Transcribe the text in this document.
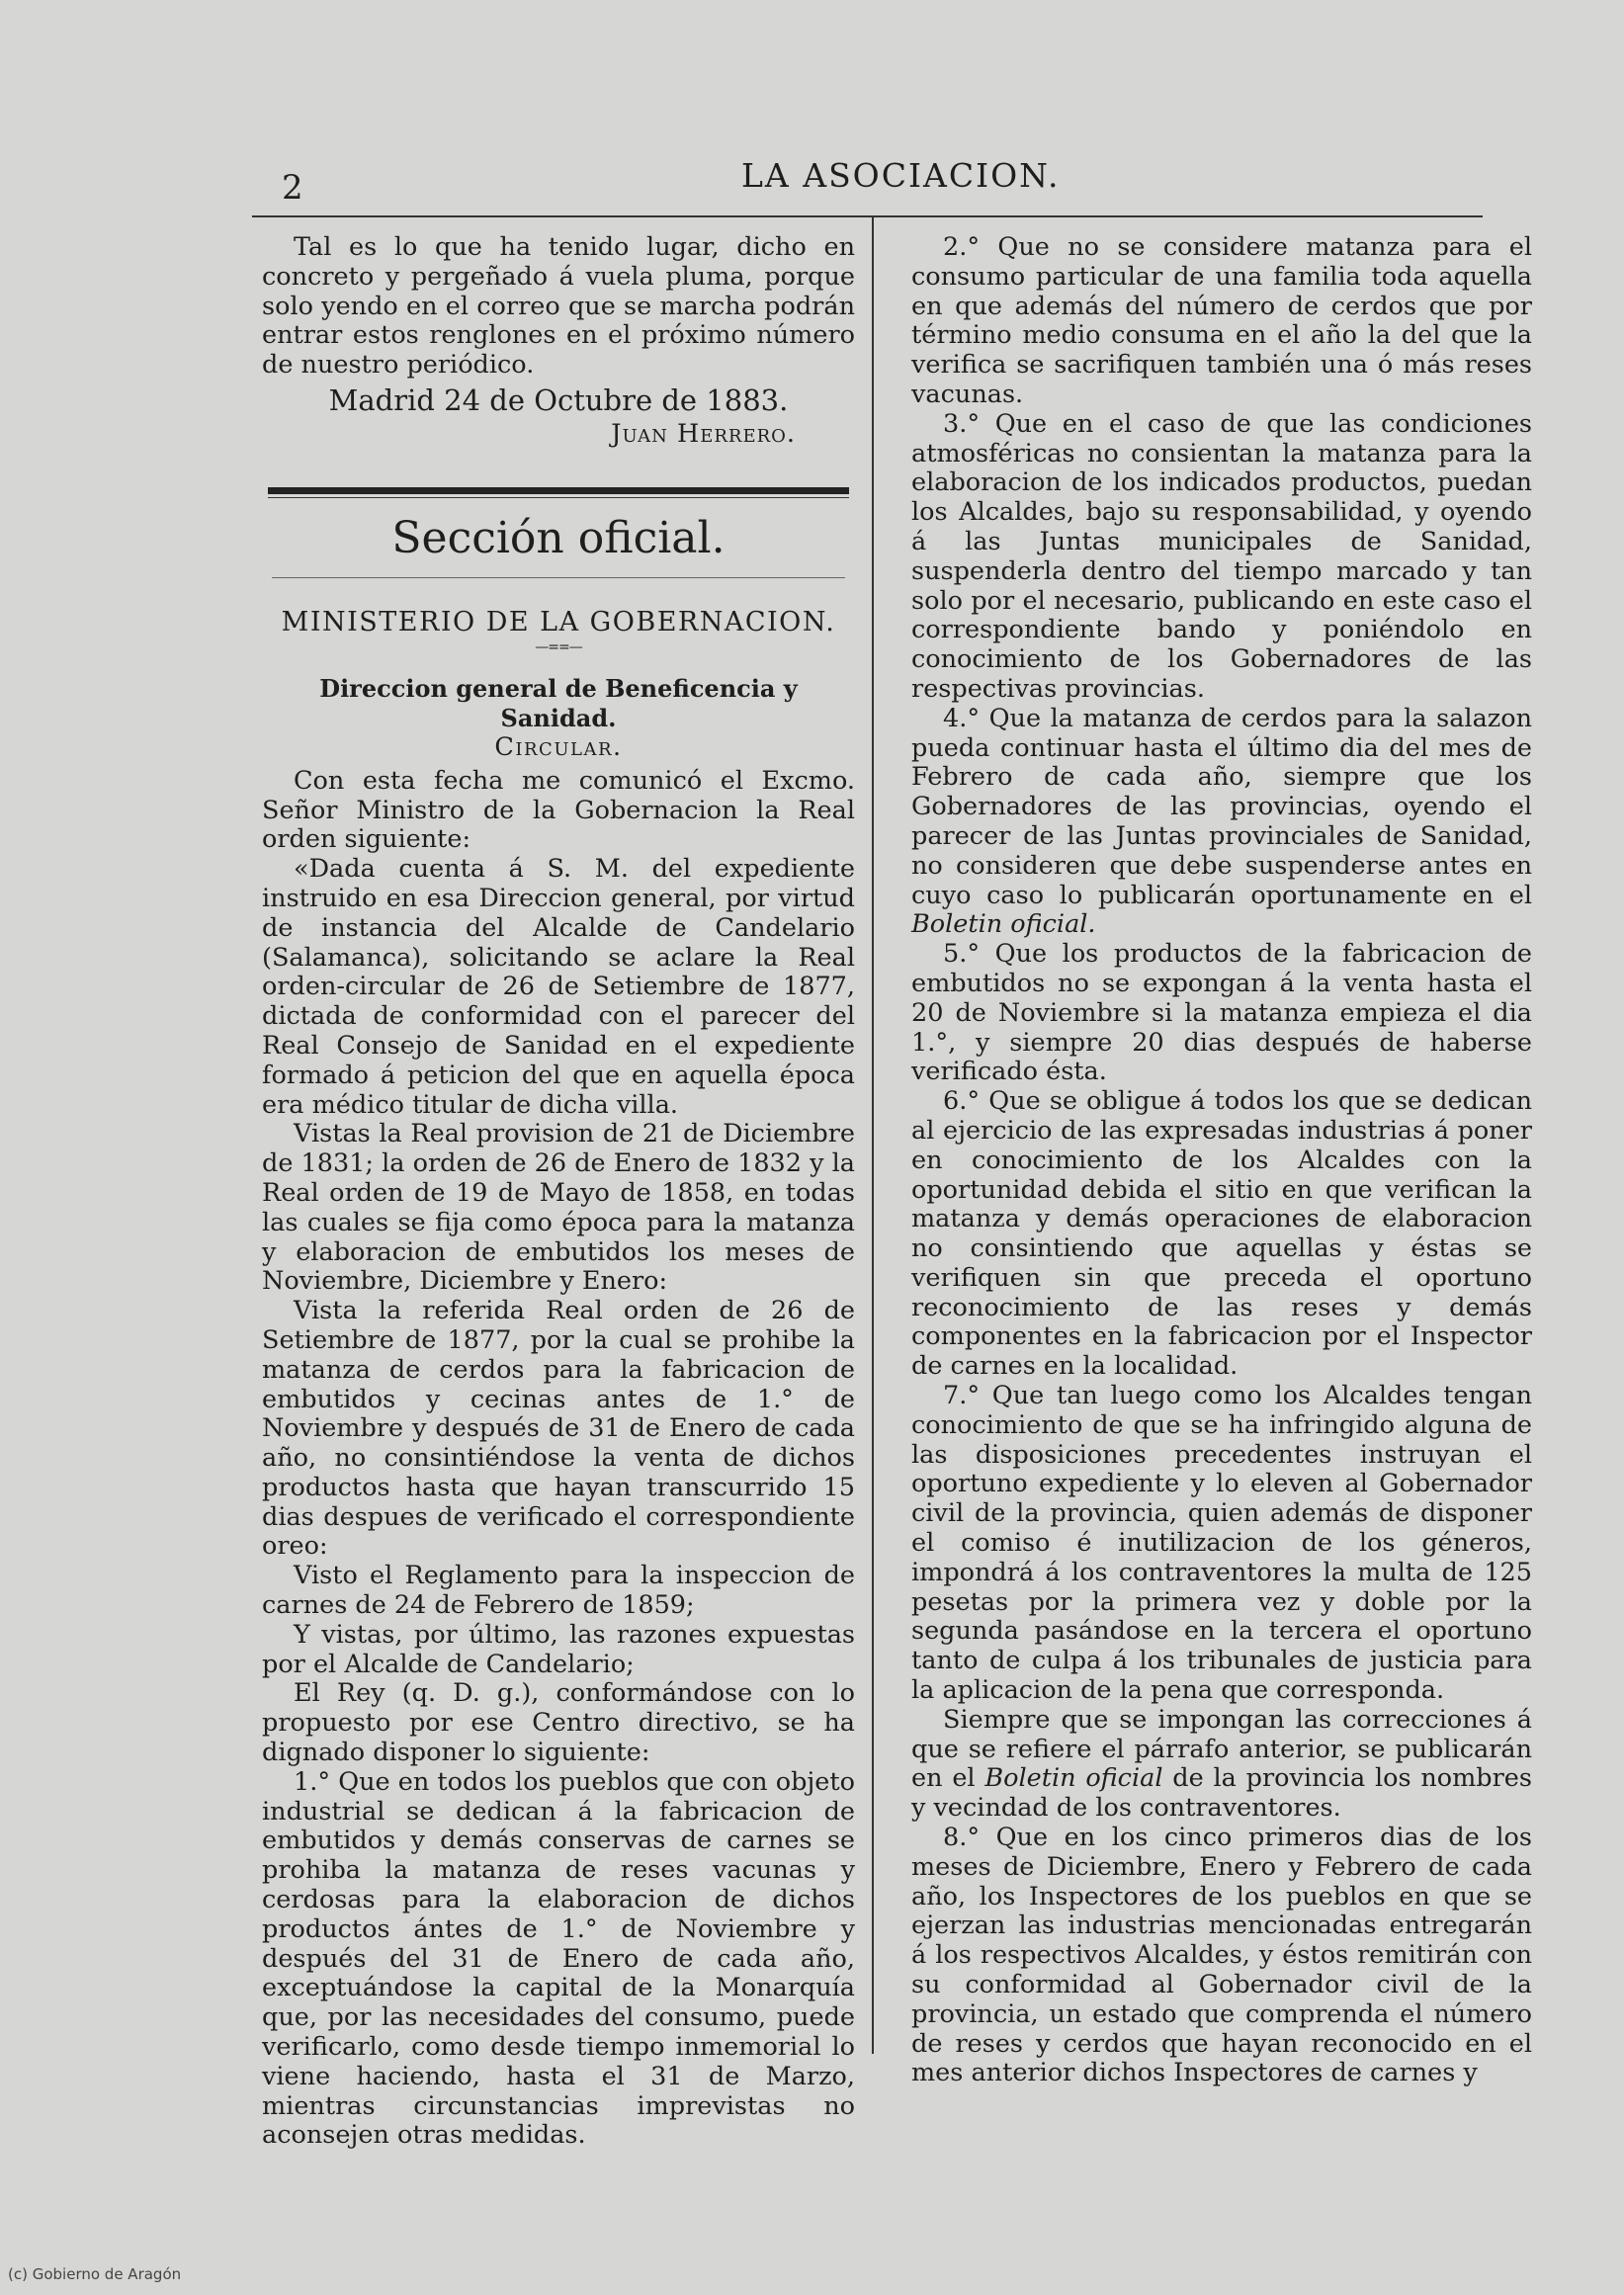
2	LA ASOCIACION.

Tal es lo que ha tenido lugar, dicho en concreto y pergeñado á vuela pluma, porque solo yendo en el correo que se marcha podrán entrar estos renglones en el próximo número de nuestro periódico.

Madrid 24 de Octubre de 1883.

Juan Herrero.

Sección oficial.

MINISTERIO DE LA GOBERNACION.

—==—

Direccion general de Beneficencia y Sanidad.

Circular.

Con esta fecha me comunicó el Excmo. Señor Ministro de la Gobernacion la Real orden siguiente:

«Dada cuenta á S. M. del expediente instruido en esa Direccion general, por virtud de instancia del Alcalde de Candelario (Salamanca), solicitando se aclare la Real orden-circular de 26 de Setiembre de 1877, dictada de conformidad con el parecer del Real Consejo de Sanidad en el expediente formado á peticion del que en aquella época era médico titular de dicha villa.

Vistas la Real provision de 21 de Diciembre de 1831; la orden de 26 de Enero de 1832 y la Real orden de 19 de Mayo de 1858, en todas las cuales se fija como época para la matanza y elaboracion de embutidos los meses de Noviembre, Diciembre y Enero:

Vista la referida Real orden de 26 de Setiembre de 1877, por la cual se prohibe la matanza de cerdos para la fabricacion de embutidos y cecinas antes de 1.° de Noviembre y después de 31 de Enero de cada año, no consintiéndose la venta de dichos productos hasta que hayan transcurrido 15 dias despues de verificado el correspondiente oreo:

Visto el Reglamento para la inspeccion de carnes de 24 de Febrero de 1859;

Y vistas, por último, las razones expuestas por el Alcalde de Candelario;

El Rey (q. D. g.), conformándose con lo propuesto por ese Centro directivo, se ha dignado disponer lo siguiente:

1.° Que en todos los pueblos que con objeto industrial se dedican á la fabricacion de embutidos y demás conservas de carnes se prohiba la matanza de reses vacunas y cerdosas para la elaboracion de dichos productos ántes de 1.° de Noviembre y después del 31 de Enero de cada año, exceptuándose la capital de la Monarquía que, por las necesidades del consumo, puede verificarlo, como desde tiempo inmemorial lo viene haciendo, hasta el 31 de Marzo, mientras circunstancias imprevistas no aconsejen otras medidas.

2.° Que no se considere matanza para el consumo particular de una familia toda aquella en que además del número de cerdos que por término medio consuma en el año la del que la verifica se sacrifiquen también una ó más reses vacunas.

3.° Que en el caso de que las condiciones atmosféricas no consientan la matanza para la elaboracion de los indicados productos, puedan los Alcaldes, bajo su responsabilidad, y oyendo á las Juntas municipales de Sanidad, suspenderla dentro del tiempo marcado y tan solo por el necesario, publicando en este caso el correspondiente bando y poniéndolo en conocimiento de los Gobernadores de las respectivas provincias.

4.° Que la matanza de cerdos para la salazon pueda continuar hasta el último dia del mes de Febrero de cada año, siempre que los Gobernadores de las provincias, oyendo el parecer de las Juntas provinciales de Sanidad, no consideren que debe suspenderse antes en cuyo caso lo publicarán oportunamente en el Boletin oficial.

5.° Que los productos de la fabricacion de embutidos no se expongan á la venta hasta el 20 de Noviembre si la matanza empieza el dia 1.°, y siempre 20 dias después de haberse verificado ésta.

6.° Que se obligue á todos los que se dedican al ejercicio de las expresadas industrias á poner en conocimiento de los Alcaldes con la oportunidad debida el sitio en que verifican la matanza y demás operaciones de elaboracion no consintiendo que aquellas y éstas se verifiquen sin que preceda el oportuno reconocimiento de las reses y demás componentes en la fabricacion por el Inspector de carnes en la localidad.

7.° Que tan luego como los Alcaldes tengan conocimiento de que se ha infringido alguna de las disposiciones precedentes instruyan el oportuno expediente y lo eleven al Gobernador civil de la provincia, quien además de disponer el comiso é inutilizacion de los géneros, impondrá á los contraventores la multa de 125 pesetas por la primera vez y doble por la segunda pasándose en la tercera el oportuno tanto de culpa á los tribunales de justicia para la aplicacion de la pena que corresponda.

Siempre que se impongan las correcciones á que se refiere el párrafo anterior, se publicarán en el Boletin oficial de la provincia los nombres y vecindad de los contraventores.

8.° Que en los cinco primeros dias de los meses de Diciembre, Enero y Febrero de cada año, los Inspectores de los pueblos en que se ejerzan las industrias mencionadas entregarán á los respectivos Alcaldes, y éstos remitirán con su conformidad al Gobernador civil de la provincia, un estado que comprenda el número de reses y cerdos que hayan reconocido en el mes anterior dichos Inspectores de carnes y

(c) Gobierno de Aragón
